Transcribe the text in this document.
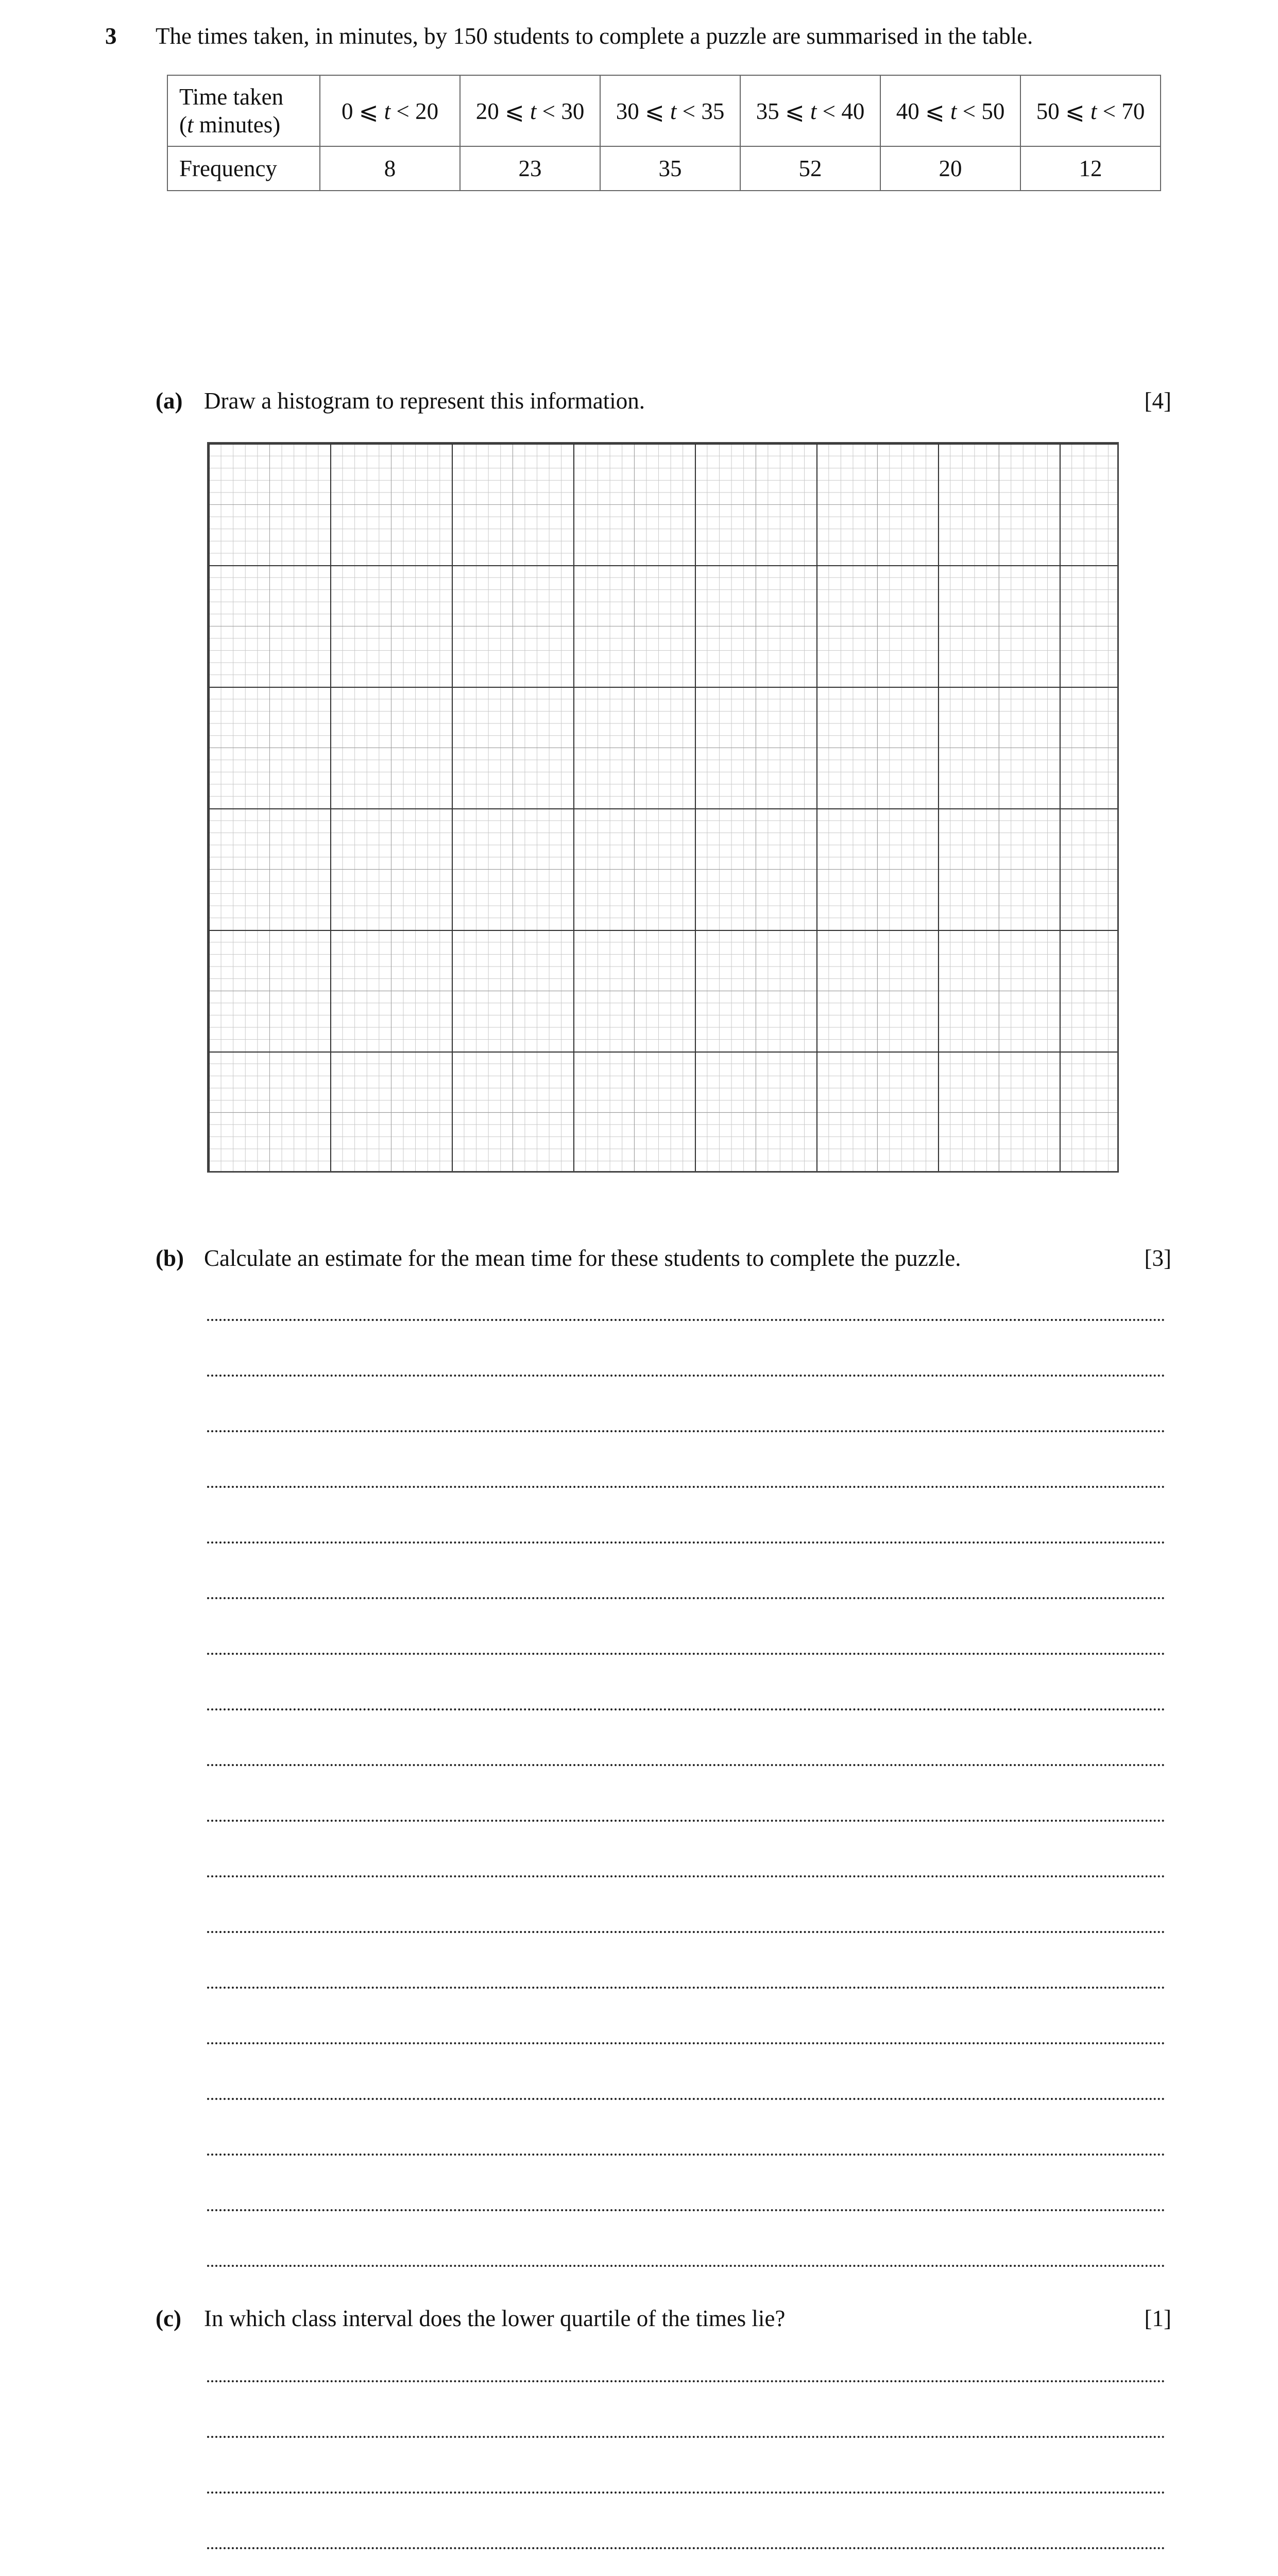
3 The times taken, in minutes, by 150 students to complete a puzzle are summarised in the table.
Time taken
(t minutes)	0 ⩽ t < 20	20 ⩽ t < 30	30 ⩽ t < 35	35 ⩽ t < 40	40 ⩽ t < 50	50 ⩽ t < 70
Frequency	8	23	35	52	20	12
(a) Draw a histogram to represent this information.	[4]
(b) Calculate an estimate for the mean time for these students to complete the puzzle.	[3]
(c) In which class interval does the lower quartile of the times lie?	[1]
